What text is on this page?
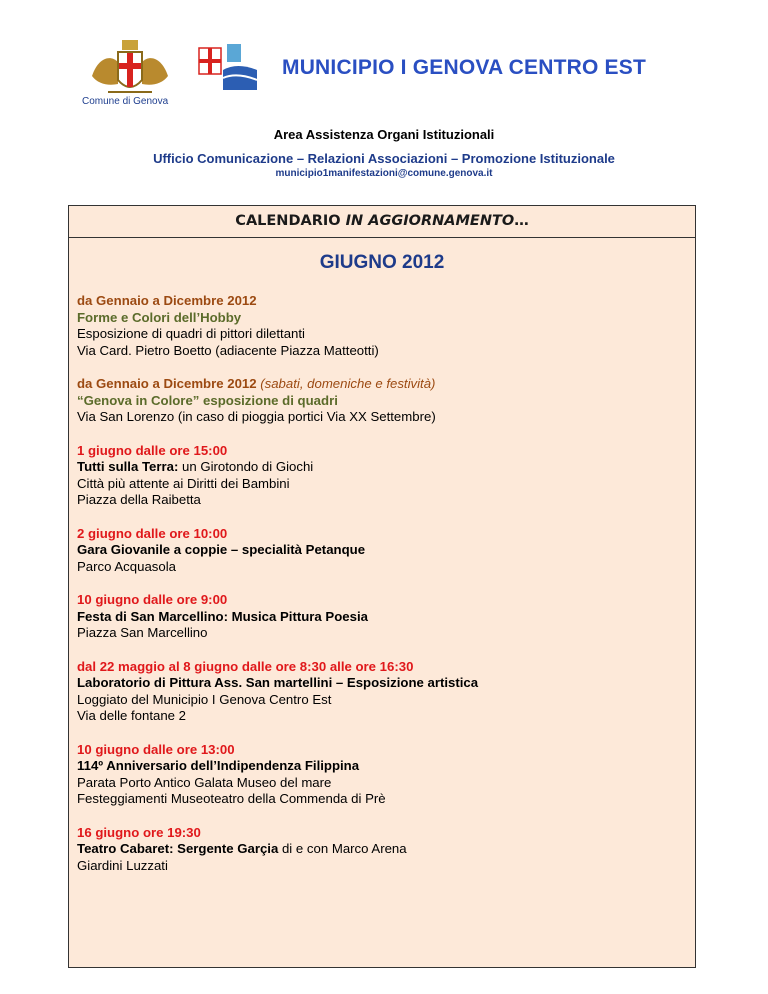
Comune di Genova
MUNICIPIO I GENOVA CENTRO EST
Area Assistenza Organi Istituzionali
Ufficio Comunicazione – Relazioni Associazioni – Promozione Istituzionale
municipio1manifestazioni@comune.genova.it
CALENDARIO IN AGGIORNAMENTO…
GIUGNO 2012
da Gennaio a Dicembre 2012
Forme e Colori dell’Hobby
Esposizione di quadri di pittori dilettanti
Via Card. Pietro Boetto (adiacente Piazza Matteotti)
da Gennaio a Dicembre 2012 (sabati, domeniche e festività)
“Genova in Colore” esposizione di quadri
Via San Lorenzo (in caso di pioggia portici Via XX Settembre)
1 giugno dalle ore 15:00
Tutti sulla Terra: un Girotondo di Giochi
Città più attente ai Diritti dei Bambini
Piazza della Raibetta
2 giugno dalle ore 10:00
Gara Giovanile a coppie – specialità Petanque
Parco Acquasola
10 giugno dalle ore 9:00
Festa di San Marcellino: Musica Pittura Poesia
Piazza San Marcellino
dal 22 maggio al 8 giugno dalle ore 8:30 alle ore 16:30
Laboratorio di Pittura Ass. San martellini – Esposizione artistica
Loggiato del Municipio I Genova Centro Est
Via delle fontane 2
10 giugno dalle ore 13:00
114º Anniversario dell’Indipendenza Filippina
Parata Porto Antico Galata Museo del mare
Festeggiamenti Museoteatro della Commenda di Prè
16 giugno ore 19:30
Teatro Cabaret: Sergente Garçia di e con Marco Arena
Giardini Luzzati
